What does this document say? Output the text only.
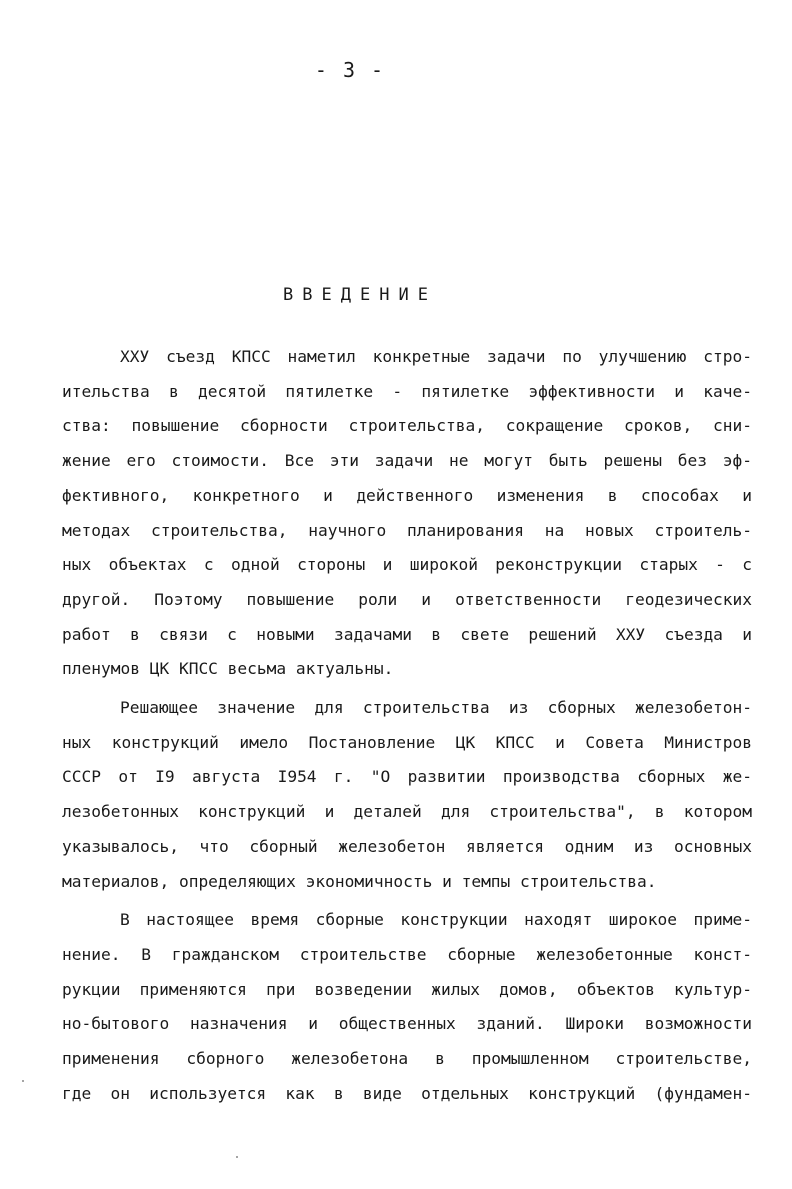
- 3 -
ВВЕДЕНИЕ

ХХУ съезд КПСС наметил конкретные задачи по улучшению стро-
ительства в десятой пятилетке - пятилетке эффективности и каче-
ства: повышение сборности строительства, сокращение сроков, сни-
жение его стоимости. Все эти задачи не могут быть решены без эф-
фективного, конкретного и действенного изменения в способах и
методах строительства, научного планирования на новых строитель-
ных объектах с одной стороны и широкой реконструкции старых - с
другой. Поэтому повышение роли и ответственности геодезических
работ в связи с новыми задачами в свете решений ХХУ съезда и
пленумов ЦК КПСС весьма актуальны.

Решающее значение для строительства из сборных железобетон-
ных конструкций имело Постановление ЦК КПСС и Совета Министров
СССР от I9 августа I954 г. "О развитии производства сборных же-
лезобетонных конструкций и деталей для строительства", в котором
указывалось, что сборный железобетон является одним из основных
материалов, определяющих экономичность и темпы строительства.

В настоящее время сборные конструкции находят широкое приме-
нение. В гражданском строительстве сборные железобетонные конст-
рукции применяются при возведении жилых домов, объектов культур-
но-бытового назначения и общественных зданий. Широки возможности
применения сборного железобетона в промышленном строительстве,
где он используется как в виде отдельных конструкций (фундамен-
